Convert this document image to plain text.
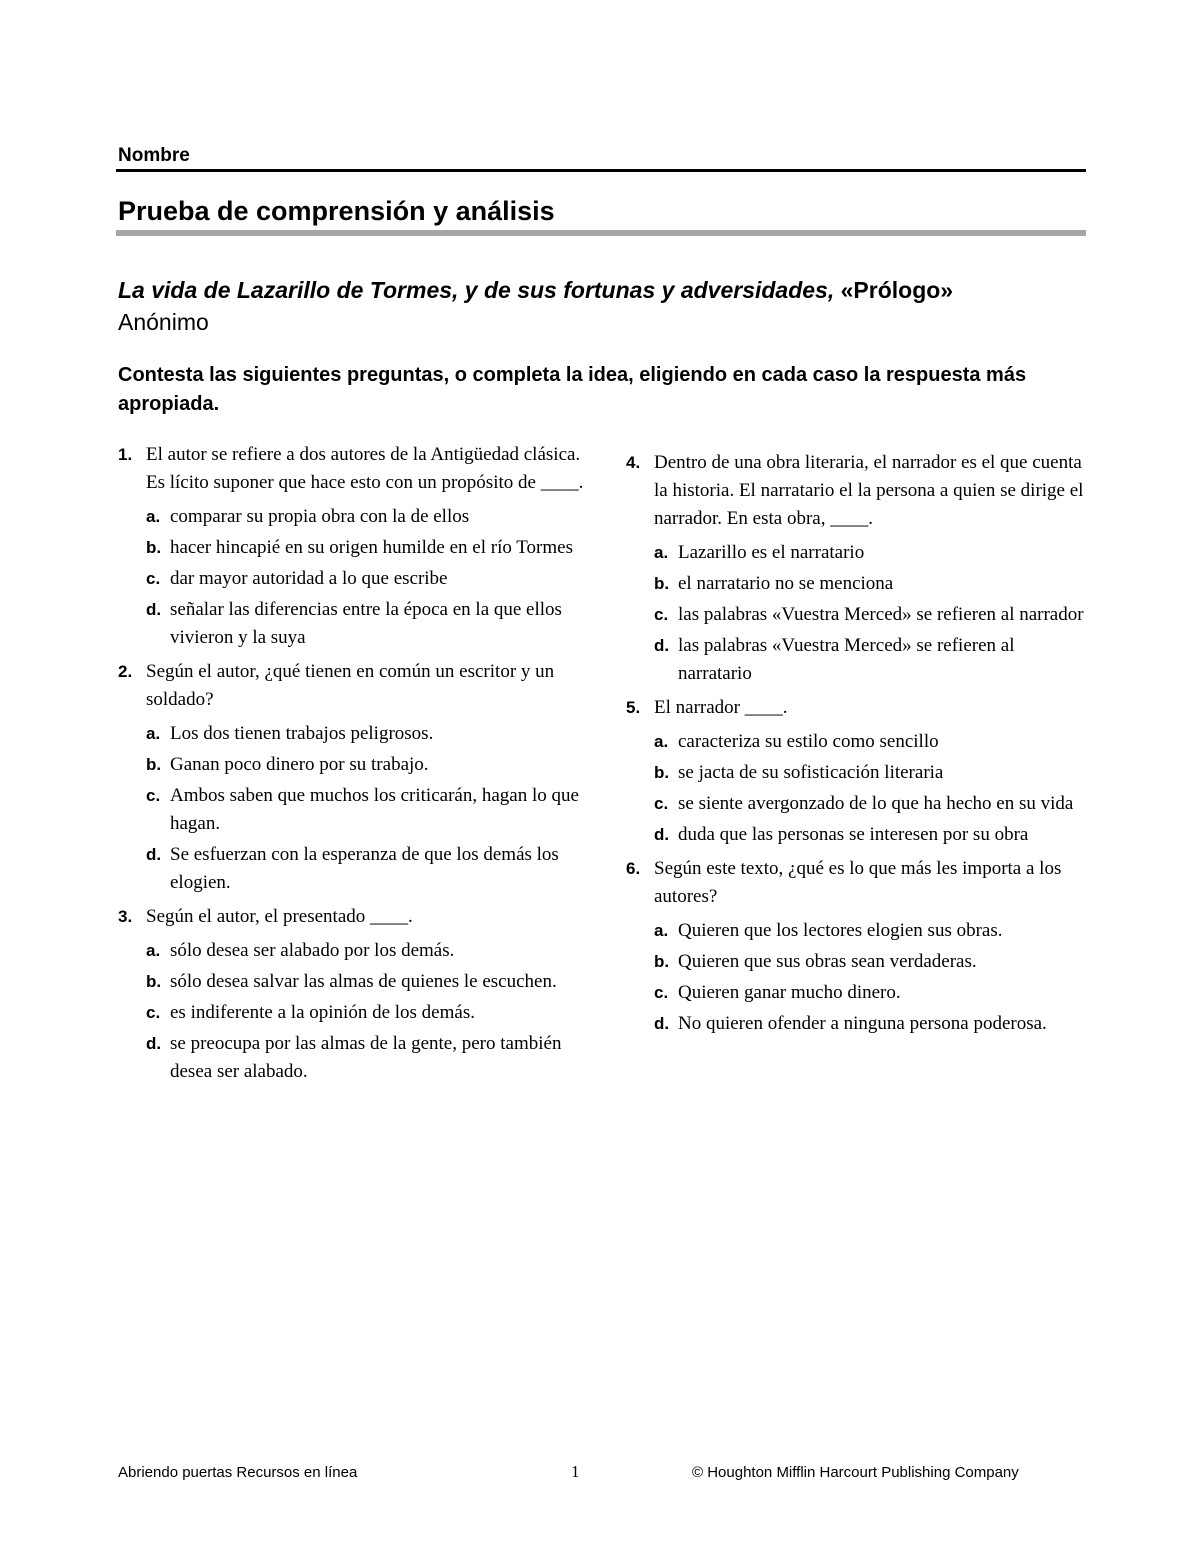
Nombre
Prueba de comprensión y análisis
La vida de Lazarillo de Tormes, y de sus fortunas y adversidades, «Prólogo»
Anónimo
Contesta las siguientes preguntas, o completa la idea, eligiendo en cada caso la respuesta más apropiada.
1. El autor se refiere a dos autores de la Antigüedad clásica. Es lícito suponer que hace esto con un propósito de ____.
a. comparar su propia obra con la de ellos
b. hacer hincapié en su origen humilde en el río Tormes
c. dar mayor autoridad a lo que escribe
d. señalar las diferencias entre la época en la que ellos vivieron y la suya
2. Según el autor, ¿qué tienen en común un escritor y un soldado?
a. Los dos tienen trabajos peligrosos.
b. Ganan poco dinero por su trabajo.
c. Ambos saben que muchos los criticarán, hagan lo que hagan.
d. Se esfuerzan con la esperanza de que los demás los elogien.
3. Según el autor, el presentado ____.
a. sólo desea ser alabado por los demás.
b. sólo desea salvar las almas de quienes le escuchen.
c. es indiferente a la opinión de los demás.
d. se preocupa por las almas de la gente, pero también desea ser alabado.
4. Dentro de una obra literaria, el narrador es el que cuenta la historia. El narratario el la persona a quien se dirige el narrador. En esta obra, ____.
a. Lazarillo es el narratario
b. el narratario no se menciona
c. las palabras «Vuestra Merced» se refieren al narrador
d. las palabras «Vuestra Merced» se refieren al narratario
5. El narrador ____.
a. caracteriza su estilo como sencillo
b. se jacta de su sofisticación literaria
c. se siente avergonzado de lo que ha hecho en su vida
d. duda que las personas se interesen por su obra
6. Según este texto, ¿qué es lo que más les importa a los autores?
a. Quieren que los lectores elogien sus obras.
b. Quieren que sus obras sean verdaderas.
c. Quieren ganar mucho dinero.
d. No quieren ofender a ninguna persona poderosa.
Abriendo puertas Recursos en línea	1	© Houghton Mifflin Harcourt Publishing Company
